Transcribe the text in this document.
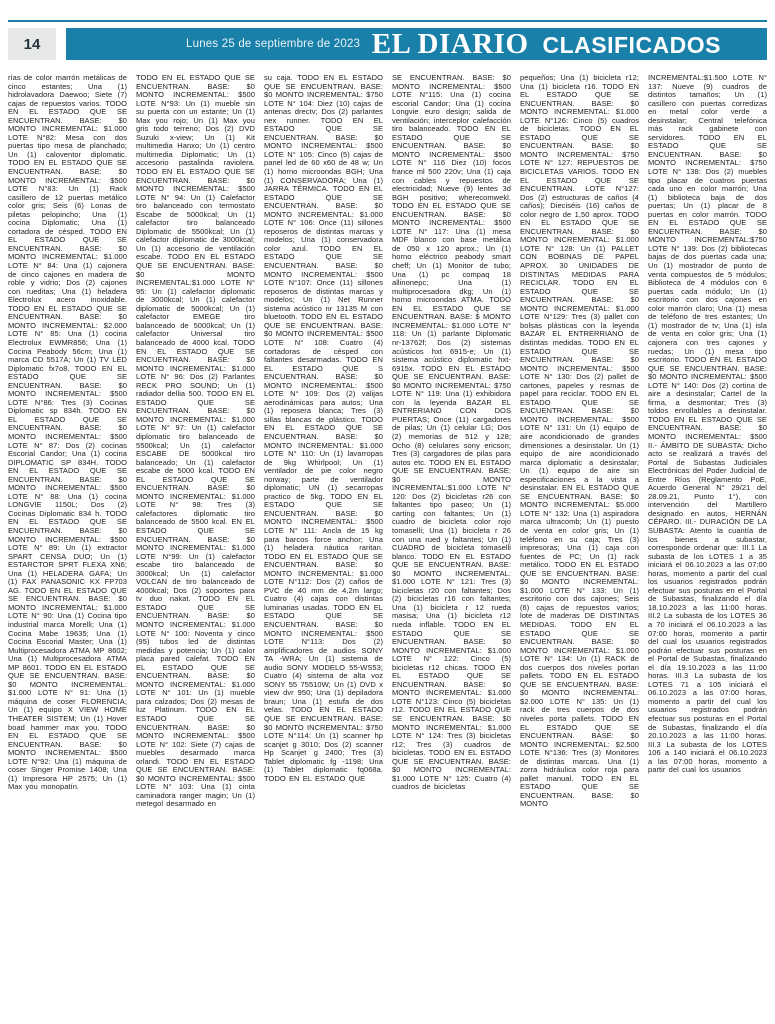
14	Lunes 25 de septiembre de 2023 EL DIARIO CLASIFICADOS
rías de color marrón metálicas de cinco estantes; Una (1) hidrolavadora Daewoo; Siete (7) cajas de repuestos varios. TODO EN EL ESTADO QUE SE ENCUENTRAN. BASE: $0 MONTO INCREMENTAL: $1.000 LOTE N°82: Mesa con dos puertas tipo mesa de planchado; Un (1) caloventor diplomatic. TODO EN EL ESTADO QUE SE ENCUENTRAN. BASE: $0 MONTO INCREMENTAL: $500 LOTE N°83: Un (1) Rack casillero de 12 puertas metálico color gris; Seis (6) Lonas de piletas pelopincho; Una (1) cocina Diplomatic; Una (1) cortadora de césped. TODO EN EL ESTADO QUE SE ENCUENTRAN. BASE: $0 MONTO INCREMENTAL: $1.000 LOTE N° 84: Una (1) cajonera de cinco cajones en madera de roble y vidrio; Dos (2) cajones con rueditas; Una (1) heladera Electrolux acero inoxidable. TODO EN EL ESTADO QUE SE ENCUENTRAN. BASE: $0 MONTO INCREMENTAL: $2.000 LOTE N° 85: Una (1) cocina Electrolux EWMR856; Una (1) Cocina Peabody 56cm; Una (1) marca CD 5517A; Un (1) TV LED Diplomatic fx7o8. TODO EN EL ESTADO QUE SE ENCUENTRAN. BASE: $0 MONTO INCREMENTAL: $500 LOTE N°86: Tres (3) Cocinas Diplomatic sp 834h. TODO EN EL ESTADO QUE SE ENCUENTRAN. BASE: $0 MONTO INCREMENTAL: $500 LOTE N° 87: Dos (2) cocinas Escorial Candor; Una (1) cocina DIPLOMATIC SP 834H. TODO EN EL ESTADO QUE SE ENCUENTRAN. BASE: $0 MONTO INCREMENTAL: $500 LOTE N° 88: Una (1) cocina LONGVIE 1150L; Dos (2) Cocinas Diplomatic 834 h. TODO EN EL ESTADO QUE SE ENCUENTRAN. BASE: $0 MONTO INCREMENTAL: $500 LOTE N° 89: Un (1) extractor SPART CENSA DUO; Un (1) ESTARCTOR SPRT FLEXA XN6; Una (1) HELADERA GAFA; Un (1) FAX PANASONIC KX FP703 AG. TODO EN EL ESTADO QUE SE ENCUENTRAN. BASE: $0 MONTO INCREMENTAL: $1.000 LOTE N° 90: Una (1) Cocina tipo industrial marca Morelli; Una (1) Cocina Mabe 19635; Una (1) Cocina Escorial Master; Una (1) Multiprocesadora ATMA MP 8602; Una (1) Multiprocesadora ATMA MP 8601. TODO EN EL ESTADO QUE SE ENCUENTRAN. BASE: $0 MONTO INCREMENTAL: $1.000 LOTE N° 91: Una (1) máquina de coser FLORENCIA; Un (1) equipo X VIEW HOME THEATER SISTEM; Un (1) Hover boad hammer max you. TODO EN EL ESTADO QUE SE ENCUENTRAN. BASE: $0 MONTO INCREMENTAL: $500 LOTE N°92: Una (1) máquina de coser Singer Promise 1408; Una (1) Impresora HP 2575; Un (1) Max you monopatín.
TODO EN EL ESTADO QUE SE ENCUENTRAN. BASE: $0 MONTO INCREMENTAL: $500 LOTE N°93: Un (1) mueble sin su puerta con un estante; Un (1) Max you rojo; Un (1) Max you gris todo terreno; Dos (2) DVD Suzuki x-view; Un (1) Kit multimedia Hanxo; Un (1) centro multimedia Diplomatic; Un (1) accesorio pastalinda raviolera. TODO EN EL ESTADO QUE SE ENCUENTRAN. BASE: $0 MONTO INCREMENTAL: $500 LOTE N° 94: Un (1) Calefactor tiro balanceado con termostato Escabe de 5000kcal; Un (1) calefactor tiro balanceado Diplomatic de 5500kcal; Un (1) calefactor diplomatic de 3000kcal; Un (1) accesorio de ventilación escabe. TODO EN EL ESTADO QUE SE ENCUENTRAN. BASE: $0 MONTO INCREMENTAL:$1.000 LOTE N° 95: Un (1) calefactor diplomatic de 3000kcal; Un (1) calefactor diplomatic de 5000kcal; Un (1) calefactor EMEGE tiro balanceado de 5000kcal; Un (1) calefactor Universal tiro balanceado de 4000 kcal. TODO EN EL ESTADO QUE SE ENCUENTRAN. BASE: $0 MONTO INCREMENTAL: $1.000 LOTE N° 96: Dos (2) Parlantes RECK PRO SOUND; Un (1) radiador dellia 500. TODO EN EL ESTADO QUE SE ENCUENTRAN. BASE: $0 MONTO INCREMENTAL: $1.000 LOTE N° 97: Un (1) calefactor diplomatic tiro balanceado de 5500kcal; Un (1) calefactor ESCABE DE 5000kcal tiro balanceado; Un (1) calefactor escabe de 5000 kcal. TODO EN EL ESTADO QUE SE ENCUENTRAN. BASE: $0 MONTO INCREMENTAL: $1.000 LOTE N° 98: Tres (3) calefactores diplomatic tiro balanceado de 5500 kcal. EN EL ESTADO QUE SE ENCUENTRAN. BASE: $0 MONTO INCREMENTAL: $1.000 LOTE N°99: Un (1) calefactor escabe tiro balanceado de 3000kcal; Un (1) calefactor VOLCAN de tiro balanceado de 4000kcal; Dos (2) soportes para tv duo nakat. TODO EN EL ESTADO QUE SE ENCUENTRAN. BASE: $0 MONTO INCREMENTAL: $1.000 LOTE N° 100: Noventa y cinco (95) tubos led de distintas medidas y potencia; Un (1) calor placa pared calefat. TODO EN EL ESTADO QUE SE ENCUENTRAN. BASE: $0 MONTO INCREMENTAL: $1.000 LOTE N° 101: Un (1) mueble para calzados; Dos (2) mesas de luz Platinum. TODO EN EL ESTADO QUE SE ENCUENTRAN. BASE: $0 MONTO INCREMENTAL: $500 LOTE N° 102: Siete (7) cajas de muebles desarmado marca orlandi. TODO EN EL ESTADO QUE SE ENCUENTRAN. BASE: $0 MONTO INCREMENTAL: $500 LOTE N° 103: Una (1) cinta caminadora ranger magin; Un (1) metegol desarmado en
su caja. TODO EN EL ESTADO QUE SE ENCUENTRAN. BASE: $0 MONTO INCREMENTAL: $750 LOTE N° 104: Diez (10) cajas de antenas drectv; Dos (2) parlantes nex runner. TODO EN EL ESTADO QUE SE ENCUENTRAN. BASE: $0 MONTO INCREMENTAL: $500 LOTE N° 105: Cinco (5) cajas de panel led de 60 x60 de 48 w; Un (1) horno microondas BGH; Una (1) CONSERVADORA; Una (1) JARRA TÉRMICA. TODO EN EL ESTADO QUE SE ENCUENTRAN. BASE: $0 MONTO INCREMENTAL: $1.000 LOTE N° 106: Once (11) sillones reposeros de distintas marcas y modelos; Una (1) conservadora color azul. TODO EN EL ESTADO QUE SE ENCUENTRAN. BASE: $0 MONTO INCREMENTAL: $500 LOTE N°107: Once (11) sillones reposeros de distintas marcas y modelos; Un (1) Net Runner sistema acústico nr 13135 M con bluetooth. TODO EN EL ESTADO QUE SE ENCUENTRAN. BASE: $0 MONTO INCREMENTAL: $500 LOTE N° 108: Cuatro (4) cortadoras de césped con faltantes desarmadas. TODO EN EL ESTADO QUE S ENCUENTRAN. BASE: $0 MONTO INCREMENTAL: $500 LOTE N° 109: Dos (2) valijas aerodinámicas para autos; Una (1) reposera blanca; Tres (3) sillas blancas de plástico. TODO EN EL ESTADO QUE SE ENCUENTRAN. BASE: $0 MONTO INCREMENTAL: $1.000 LOTE N° 110: Un (1) lavarropas de 9kg Whirlpool; Un (1) ventilador de pie color negro norway; parte de ventilador diplomatic; UN (1) secarropas practico de 5kg. TODO EN EL ESTADO QUE SE ENCUENTRAN. BASE: $0 MONTO INCREMENTAL: $500 LOTE N° 111: Ancla de 15 kg para barcos force anchor; Una (1) heladera náutica raritan. TODO EN EL ESTADO QUE SE ENCUENTRAN. BASE: $0 MONTO INCREMENTAL: $1.000 LOTE N°112: Dos (2) caños de PVC de 40 mm de 4,2m largo; Cuatro (4) cajas con distintas luminarias usadas. TODO EN EL ESTADO QUE SE ENCUENTRAN. BASE: $0 MONTO INCREMENTAL: $500 LOTE N°113: Dos (2) amplificadores de audios SONY TA -WRA; Un (1) sistema de audio SONY MODELO 55-WS53; Cuatro (4) sistema de alta voz SONY 55 75510W; Un (1) DVD x view dvr 950; Una (1) depiladora braun; Una (1) estufa de dos velas. TODO EN EL ESTADO QUE SE ENCUENTRAN. BASE: $0 MONTO INCREMENTAL: $750 LOTE N°114: Un (1) scanner hp scanjet g 3010; Dos (2) scanner Hp Scanjet g 2400; Tres (3) Tablet diplomatic fg -1198; Una (1) Tablet diplomatic fq068a. TODO EN EL ESTADO QUE
SE ENCUENTRAN. BASE: $0 MONTO INCREMENTAL: $500 LOTE N°115: Una (1) cocina escorial Candor; Una (1) cocina Longvie euro design; salida de ventilación; interceplor calefacción tiro balanceado. TODO EN EL ESTADO QUE SE ENCUENTRAN. BASE: $0 MONTO INCREMENTAL: $500 LOTE N° 116 Diez (10) focos france ml 500 220v; Una (1) caja con cables y repuestos de electricidad; Nueve (9) lentes 3d BGH positivo; wherecomwekl. TODO EN EL ESTADO QUE SE ENCUENTRAN. BASE: $0 MONTO INCREMENTAL: $500 LOTE N° 117: Una (1) mesa MDF blanco con base metálica de 050 x 120 aprox.; Un (1) horno eléctrico peabody smart cheff; Un (1) Monitor de tubo; Una (1) pc compaq 18 allinonepc; Una (1) multiprocesadora dkg; Un (1) horno microondas ATMA. TODO EN EL ESTADO QUE SE ENCUENTRAN. BASE: $ MONTO INCREMENTAL: $1.000 LOTE N° 118: Un (1) parlante Diplomatic nr-13762f; Dos (2) sistemas acústicos hxt 6915-e; Un (1) sistema acústico diplomatic hxt-6915x. TODO EN EL ESTADO QUE SE ENCUENTRAN. BASE: $0 MONTO INCREMENTAL: $750 LOTE N° 119: Una (1) exhibidora con la leyenda BAZAR EL ENTRERIANO CON DOS PUERTAS; Once (11) cargadores de pilas; Un (1) celular LG; Dos (2) memorias de 512 y 128; Ocho (8) celulares sony ericson; Tres (3) cargadores de pilas para autos etc. TODO EN EL ESTADO QUE SE ENCUENTRAN. BASE: $0 MONTO INCREMENTAL:$1.000 LOTE N° 120: Dos (2) bicicletas r26 con faltantes tipo paseo; Un (1) carting con faltantes; Un (1) cuadro de bicicleta color rojo tomaselli; Una (1) bicicleta r 26 con una rued y faltantes; Un (1) CUADRO de bicicleta tomaselli blanco. TODO EN EL ESTADO QUE SE ENCUENTRAN. BASE: $0 MONTO INCREMENTAL: $1.000 LOTE N° 121: Tres (3) bicicletas r20 con faltantes; Dos (2) bicicletas r16 con faltantes; Una (1) bicicleta r 12 rueda masisa; Una (1) bicicleta r12 rueda inflable. TODO EN EL ESTADO QUE SE ENCUENTRAN. BASE: $0 MONTO INCREMENTAL: $1.000 LOTE N° 122: Cinco (5) bicicletas r12 chicas. TODO EN EL ESTADO QUE SE ENCUENTRAN. BASE: $0 MONTO INCREMENTAL: $1.000 LOTE N°123: Cinco (5) bicicletas r12. TODO EN EL ESTADO QUE SE ENCUENTRAN. BASE: $0 MONTO INCREMENTAL: $1.000 LOTE N° 124: Tres (3) bicicletas r12; Tres (3) cuadros de bicicletas. TODO EN EL ESTADO QUE SE ENCUENTRAN. BASE: $0 MONTO INCREMENTAL: $1.000 LOTE N° 125: Cuatro (4) cuadros de bicicletas
pequeños; Una (1) bicicleta r12; Una (1) bicicleta r16. TODO EN EL ESTADO QUE SE ENCUENTRAN. BASE: $0 MONTO INCREMENTAL: $1.000 LOTE N°126: Cinco (5) cuadros de bicicletas. TODO EN EL ESTADO QUE SE ENCUENTRAN. BASE: $0 MONTO INCREMENTAL: $750 LOTE N° 127: REPUESTOS DE BICICLETAS VARIOS. TODO EN EL ESTADO QUE SE ENCUENTRAN. LOTE N°127: Dos (2) estructuras de caños (4 caños); Dieciséis (16) caños de color negro de 1,50 aprox. TODO EN EL ESTADO QUE SE ENCUENTRAN. BASE: $0 MONTO INCREMENTAL: $1.000 LOTE N° 128: Un (1) PALLET CON BOBINAS DE PAPEL APROX. 30 UNIDADES DE DISTINTAS MEDIDAS PARA RECICLAR. TODO EN EL ESTADO QUE SE ENCUENTRAN. BASE: $0 MONTO INCREMENTAL: $1.000 LOTE N°129: Tres (3) pallet con bolsas plásticas con la leyenda BAZAR EL ENTRERRIANO de distintas medidas. TODO EN EL ESTADO QUE SE ENCUENTRAN. BASE: $0 MONTO INCREMENTAL: $500 LOTE N° 130: Dos (2) pallet de cartones, papeles y resmas de papel para reciclar. TODO EN EL ESTADO QUE SE ENCUENTRAN. BASE: $0 MONTO INCREMENTAL: $500 LOTE N° 131: Un (1) equipo de aire acondicionado de grandes dimensiones a desinstalar. Un (1) equipo de aire acondicionado marca diplomatic a desinstalar; Un (1) equipo de aire sin especificaciones a la vista a desinstalar. EN EL ESTADO QUE SE ENCUENTRAN. BASE: $0 MONTO INCREMENTAL: $5.000 LOTE N° 132: Una (1) aspiradora marca ultracomb; Un (1) puesto de venta en color gris; Un (1) teléfono en su caja; Tres (3) impresoras; Una (1) caja con fuentes de PC; Un (1) rack metálico. TODO EN EL ESTADO QUE SE ENCUENTRAN. BASE: $0 MONTO INCREMENTAL: $1.000 LOTE N° 133: Un (1) escritorio con dos cajones; Seis (6) cajas de repuestos varios; lote de maderas DE DISTINTAS MEDIDAS. TODO EN EL ESTADO QUE SE ENCUENTRAN. BASE: $0 MONTO INCREMENTAL: $1.000 LOTE N° 134: Un (1) RACK de dos cuerpos dos niveles portan pallets. TODO EN EL ESTADO QUE SE ENCUENTRAN. BASE: $0 MONTO INCREMENTAL: $2.000 LOTE N° 135: Un (1) rack de tres cuerpos de dos niveles porta pallets. TODO EN EL ESTADO QUE SE ENCUENTRAN. BASE: $0 MONTO INCREMENTAL: $2.500 LOTE N°136: Tres (3) Monitores de distintas marcas. Una (1) zorra hidráulica color roja para pallet manual. TODO EN EL ESTADO QUE SE ENCUENTRAN. BASE: $0 MONTO
INCREMENTAL:$1.500 LOTE N° 137: Nueve (9) cuadros de distintos tamaños; Un (1) casillero con puertas corredizas en metal color verde a desinstalar; Central telefónica más rack gabinete con servidores. TODO EN EL ESTADO QUE SE ENCUENTRAN. BASE: $0 MONTO INCREMENTAL: $750 LOTE N° 138: Dos (2) muebles tipo placar de cuatros puertas cada uno en color marrón; Una (1) biblioteca baja de dos puertas; Un (1) placar de 8 puertas en color marrón. TODO EN EL ESTADO QUE SE ENCUENTRAN. BASE: $0 MONTO INCREMENTAL:$750 LOTE N° 139: Dos (2) bibliotecas bajas de dos puertas cada una; Un (1) mostrador de punto de venta compuestos de 5 módulos; Biblioteca de 4 módulos con 6 puertas cada módulo; Un (1) escritorio con dos cajones en color marrón claro; Una (1) mesa de teléfono de tres estantes; Un (1) mostrador de tv; Una (1) isla de venta en color gris; Una (1) cajonera con tres cajones y ruedas; Un (1) mesa tipo escritorio. TODO EN EL ESTADO QUE SE ENCUENTRAN. BASE: $0 MONTO INCREMENTAL: $500 LOTE N° 140: Dos (2) cortina de aire a desinstalar; Cartel de la firma, a desmontar; Tres (3) toldos enrollables a desinstalar. TODO EN EL ESTADO QUE SE ENCUENTRAN. BASE: $0 MONTO INCREMENTAL: $500 II.- ÁMBITO DE SUBASTA: Dicho acto se realizará a través del Portal de Subastas Judiciales Electrónicas del Poder Judicial de Entre Ríos (Reglamento PoE, Acuerdo General N° 29/21 del 28.09.21, Punto 1°), con intervención del Martillero designado en autos, HERNÁN CÉPARO. III.- DURACIÓN DE LA SUBASTA: Atento la cuantía de los bienes a subastar, corresponde ordenar que: III.1 La subasta de los LOTES 1 a 35 iniciará el 06.10.2023 a las 07:00 horas, momento a partir del cual los usuarios registrados podrán efectuar sus posturas en el Portal de Subastas, finalizando el día 18.10.2023 a las 11:00 horas. III.2 La subasta de los LOTES 36 a 70 iniciará el 06.10.2023 a las 07:00 horas, momento a partir del cual los usuarios registrados podrán efectuar sus posturas en el Portal de Subastas, finalizando el día 19.10.2023 a las 11:00 horas. III.3 La subasta de los LOTES 71 a 105 iniciará el 06.10.2023 a las 07:00 horas, momento a partir del cual los usuarios registrados podrán efectuar sus posturas en el Portal de Subastas, finalizando el día 20.10.2023 a las 11:00 horas. III.3 La subasta de los LOTES 106 a 140 iniciará el 06.10.2023 a las 07:00 horas, momento a partir del cual los usuarios
